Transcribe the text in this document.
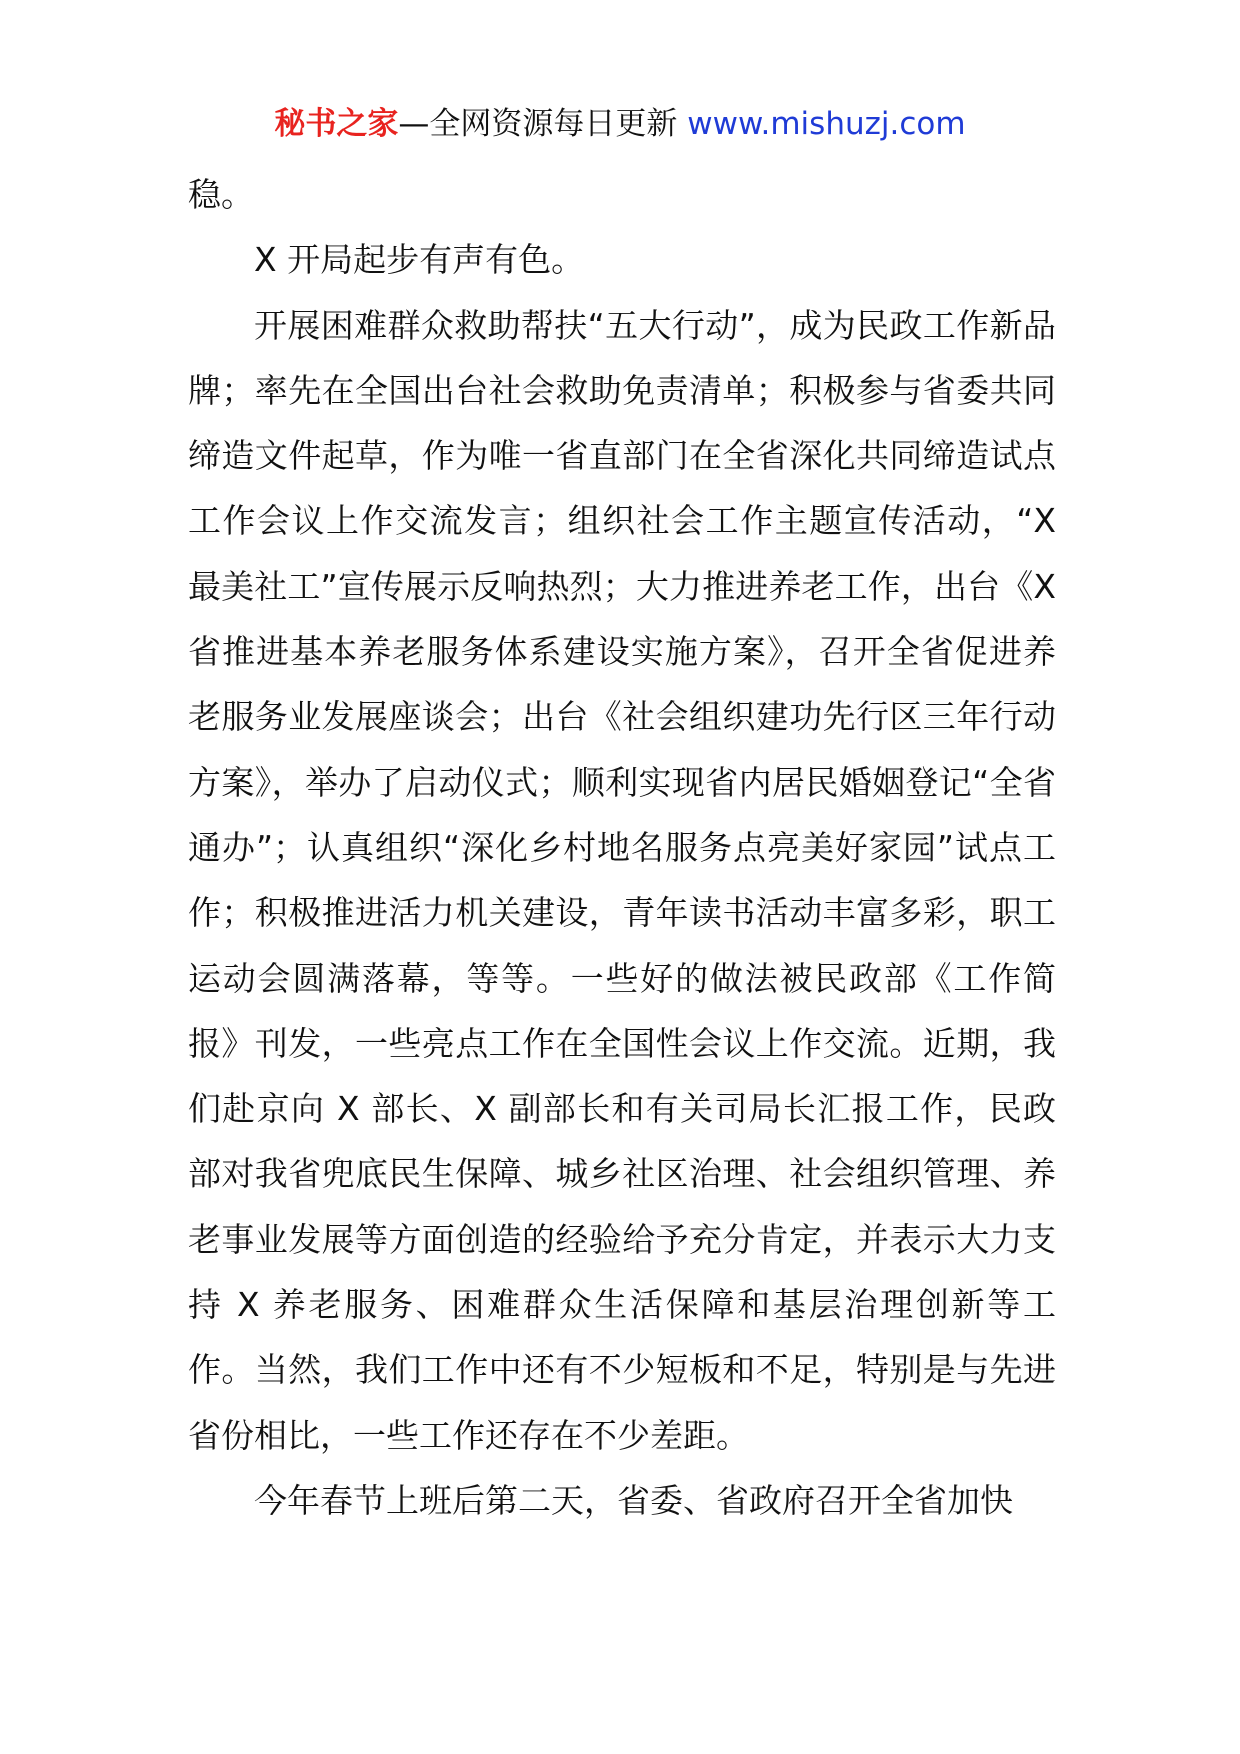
秘书之家—全网资源每日更新 www.mishuzj.com

稳。

X 开局起步有声有色。

开展困难群众救助帮扶“五大行动”，成为民政工作新品牌；率先在全国出台社会救助免责清单；积极参与省委共同缔造文件起草，作为唯一省直部门在全省深化共同缔造试点工作会议上作交流发言；组织社会工作主题宣传活动，“X 最美社工”宣传展示反响热烈；大力推进养老工作，出台《X 省推进基本养老服务体系建设实施方案》，召开全省促进养老服务业发展座谈会；出台《社会组织建功先行区三年行动方案》，举办了启动仪式；顺利实现省内居民婚姻登记“全省通办”；认真组织“深化乡村地名服务点亮美好家园”试点工作；积极推进活力机关建设，青年读书活动丰富多彩，职工运动会圆满落幕，等等。一些好的做法被民政部《工作简报》刊发，一些亮点工作在全国性会议上作交流。近期，我们赴京向 X 部长、X 副部长和有关司局长汇报工作，民政部对我省兜底民生保障、城乡社区治理、社会组织管理、养老事业发展等方面创造的经验给予充分肯定，并表示大力支持 X 养老服务、困难群众生活保障和基层治理创新等工作。当然，我们工作中还有不少短板和不足，特别是与先进省份相比，一些工作还存在不少差距。

今年春节上班后第二天，省委、省政府召开全省加快
